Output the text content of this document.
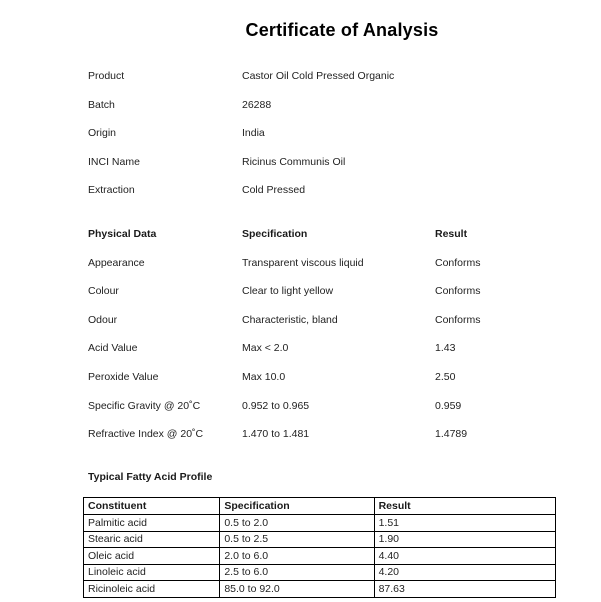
Certificate of Analysis
Product	Castor Oil Cold Pressed Organic
Batch	26288
Origin	India
INCI Name	Ricinus Communis Oil
Extraction	Cold Pressed
Physical Data	Specification	Result
Appearance	Transparent viscous liquid	Conforms
Colour	Clear to light yellow	Conforms
Odour	Characteristic, bland	Conforms
Acid Value	Max < 2.0	1.43
Peroxide Value	Max 10.0	2.50
Specific Gravity @ 20˚C	0.952 to 0.965	0.959
Refractive Index @ 20˚C	1.470 to 1.481	1.4789
Typical Fatty Acid Profile
Constituent	Specification	Result
Palmitic acid	0.5 to 2.0	1.51
Stearic acid	0.5 to 2.5	1.90
Oleic acid	2.0 to 6.0	4.40
Linoleic acid	2.5 to 6.0	4.20
Ricinoleic acid	85.0 to 92.0	87.63
